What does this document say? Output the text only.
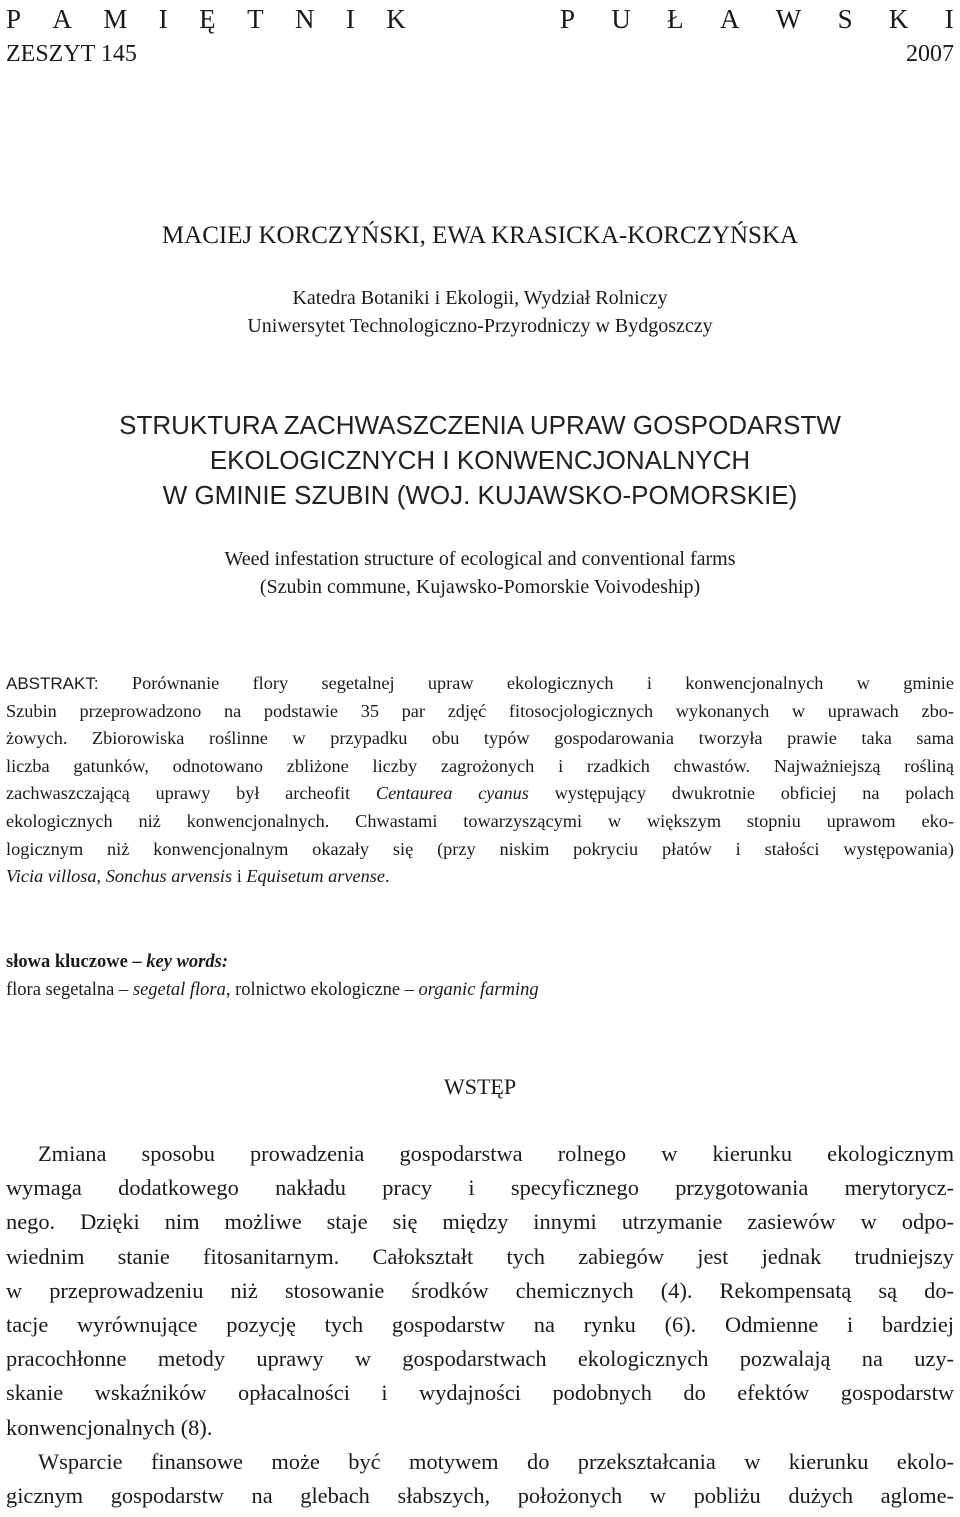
P A M I Ę T N I K	P U Ł A W S K I
ZESZYT 145	2007
MACIEJ KORCZYŃSKI, EWA KRASICKA-KORCZYŃSKA
Katedra Botaniki i Ekologii, Wydział Rolniczy
Uniwersytet Technologiczno-Przyrodniczy w Bydgoszczy
STRUKTURA ZACHWASZCZENIA UPRAW GOSPODARSTW
EKOLOGICZNYCH I KONWENCJONALNYCH
W GMINIE SZUBIN (WOJ. KUJAWSKO-POMORSKIE)
Weed infestation structure of ecological and conventional farms
(Szubin commune, Kujawsko-Pomorskie Voivodeship)
ABSTRAKT: Porównanie flory segetalnej upraw ekologicznych i konwencjonalnych w gminie
Szubin przeprowadzono na podstawie 35 par zdjęć fitosocjologicznych wykonanych w uprawach zbo-
żowych. Zbiorowiska roślinne w przypadku obu typów gospodarowania tworzyła prawie taka sama
liczba gatunków, odnotowano zbliżone liczby zagrożonych i rzadkich chwastów. Najważniejszą rośliną
zachwaszczającą uprawy był archeofit Centaurea cyanus występujący dwukrotnie obficiej na polach
ekologicznych niż konwencjonalnych. Chwastami towarzyszącymi w większym stopniu uprawom eko-
logicznym niż konwencjonalnym okazały się (przy niskim pokryciu płatów i stałości występowania)
Vicia villosa, Sonchus arvensis i Equisetum arvense.
słowa kluczowe – key words:
flora segetalna – segetal flora, rolnictwo ekologiczne – organic farming
WSTĘP

Zmiana sposobu prowadzenia gospodarstwa rolnego w kierunku ekologicznym
wymaga dodatkowego nakładu pracy i specyficznego przygotowania merytorycz-
nego. Dzięki nim możliwe staje się między innymi utrzymanie zasiewów w odpo-
wiednim stanie fitosanitarnym. Całokształt tych zabiegów jest jednak trudniejszy
w przeprowadzeniu niż stosowanie środków chemicznych (4). Rekompensatą są do-
tacje wyrównujące pozycję tych gospodarstw na rynku (6). Odmienne i bardziej
pracochłonne metody uprawy w gospodarstwach ekologicznych pozwalają na uzy-
skanie wskaźników opłacalności i wydajności podobnych do efektów gospodarstw
konwencjonalnych (8).

Wsparcie finansowe może być motywem do przekształcania w kierunku ekolo-
gicznym gospodarstw na glebach słabszych, położonych w pobliżu dużych aglome-
